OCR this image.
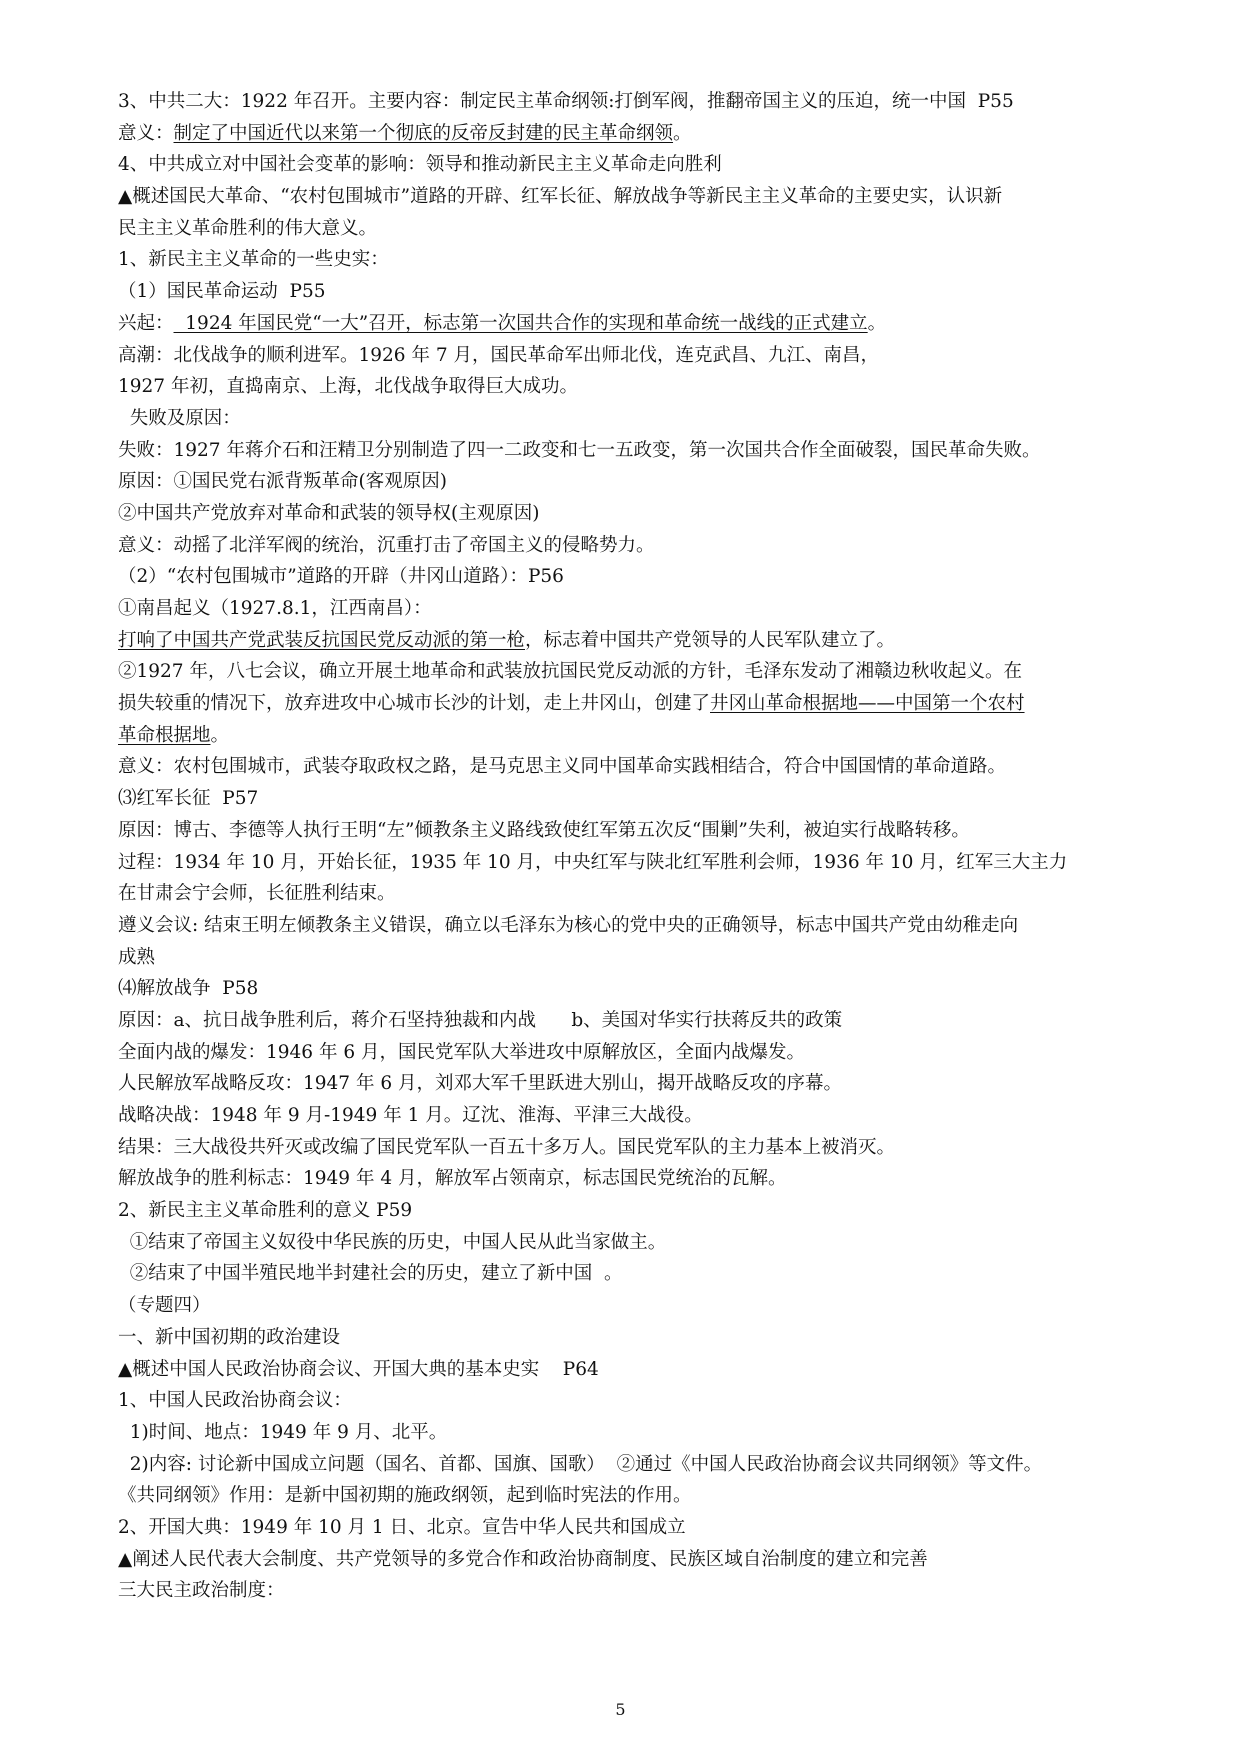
3、中共二大：1922 年召开。主要内容：制定民主革命纲领:打倒军阀，推翻帝国主义的压迫，统一中国  P55
意义：制定了中国近代以来第一个彻底的反帝反封建的民主革命纲领。
4、中共成立对中国社会变革的影响：领导和推动新民主主义革命走向胜利
▲概述国民大革命、“农村包围城市”道路的开辟、红军长征、解放战争等新民主主义革命的主要史实，认识新
民主主义革命胜利的伟大意义。
1、新民主主义革命的一些史实：
（1）国民革命运动  P55
兴起：  1924 年国民党“一大”召开，标志第一次国共合作的实现和革命统一战线的正式建立。
高潮：北伐战争的顺利进军。1926 年 7 月，国民革命军出师北伐，连克武昌、九江、南昌，
1927 年初，直捣南京、上海，北伐战争取得巨大成功。
失败及原因：
失败：1927 年蒋介石和汪精卫分别制造了四一二政变和七一五政变，第一次国共合作全面破裂，国民革命失败。
原因：①国民党右派背叛革命(客观原因)
②中国共产党放弃对革命和武装的领导权(主观原因)
意义：动摇了北洋军阀的统治，沉重打击了帝国主义的侵略势力。
（2）“农村包围城市”道路的开辟（井冈山道路）：P56
①南昌起义（1927.8.1，江西南昌）：
打响了中国共产党武装反抗国民党反动派的第一枪，标志着中国共产党领导的人民军队建立了。
②1927 年，八七会议，确立开展土地革命和武装放抗国民党反动派的方针，毛泽东发动了湘赣边秋收起义。在
损失较重的情况下，放弃进攻中心城市长沙的计划，走上井冈山，创建了井冈山革命根据地——中国第一个农村
革命根据地。
意义：农村包围城市，武装夺取政权之路，是马克思主义同中国革命实践相结合，符合中国国情的革命道路。
⑶红军长征  P57
原因：博古、李德等人执行王明“左”倾教条主义路线致使红军第五次反“围剿”失利，被迫实行战略转移。
过程：1934 年 10 月，开始长征，1935 年 10 月，中央红军与陕北红军胜利会师，1936 年 10 月，红军三大主力
在甘肃会宁会师，长征胜利结束。
遵义会议: 结束王明左倾教条主义错误，确立以毛泽东为核心的党中央的正确领导，标志中国共产党由幼稚走向
成熟
⑷解放战争  P58
原因：a、抗日战争胜利后，蒋介石坚持独裁和内战      b、美国对华实行扶蒋反共的政策
全面内战的爆发：1946 年 6 月，国民党军队大举进攻中原解放区，全面内战爆发。
人民解放军战略反攻：1947 年 6 月，刘邓大军千里跃进大别山，揭开战略反攻的序幕。
战略决战：1948 年 9 月-1949 年 1 月。辽沈、淮海、平津三大战役。
结果：三大战役共歼灭或改编了国民党军队一百五十多万人。国民党军队的主力基本上被消灭。
解放战争的胜利标志：1949 年 4 月，解放军占领南京，标志国民党统治的瓦解。
2、新民主主义革命胜利的意义 P59
①结束了帝国主义奴役中华民族的历史，中国人民从此当家做主。
②结束了中国半殖民地半封建社会的历史，建立了新中国  。
（专题四）
一、新中国初期的政治建设
▲概述中国人民政治协商会议、开国大典的基本史实    P64
1、中国人民政治协商会议：
1)时间、地点：1949 年 9 月、北平。
2)内容: 讨论新中国成立问题（国名、首都、国旗、国歌）  ②通过《中国人民政治协商会议共同纲领》等文件。
《共同纲领》作用：是新中国初期的施政纲领，起到临时宪法的作用。
2、开国大典：1949 年 10 月 1 日、北京。宣告中华人民共和国成立
▲阐述人民代表大会制度、共产党领导的多党合作和政治协商制度、民族区域自治制度的建立和完善
三大民主政治制度：
5
